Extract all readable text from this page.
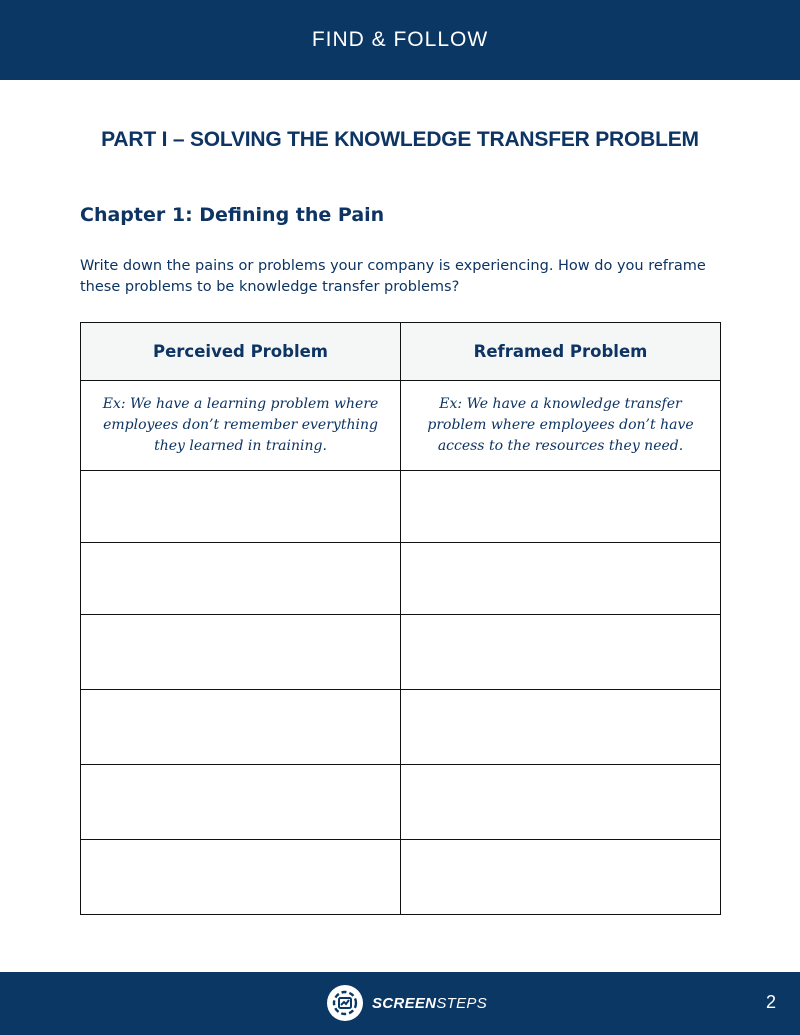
FIND & FOLLOW
PART I – SOLVING THE KNOWLEDGE TRANSFER PROBLEM
Chapter 1: Defining the Pain
Write down the pains or problems your company is experiencing. How do you reframe these problems to be knowledge transfer problems?
Perceived Problem	Reframed Problem
Ex: We have a learning problem where employees don’t remember everything they learned in training.	Ex: We have a knowledge transfer problem where employees don’t have access to the resources they need.

SCREENSTEPS	2
